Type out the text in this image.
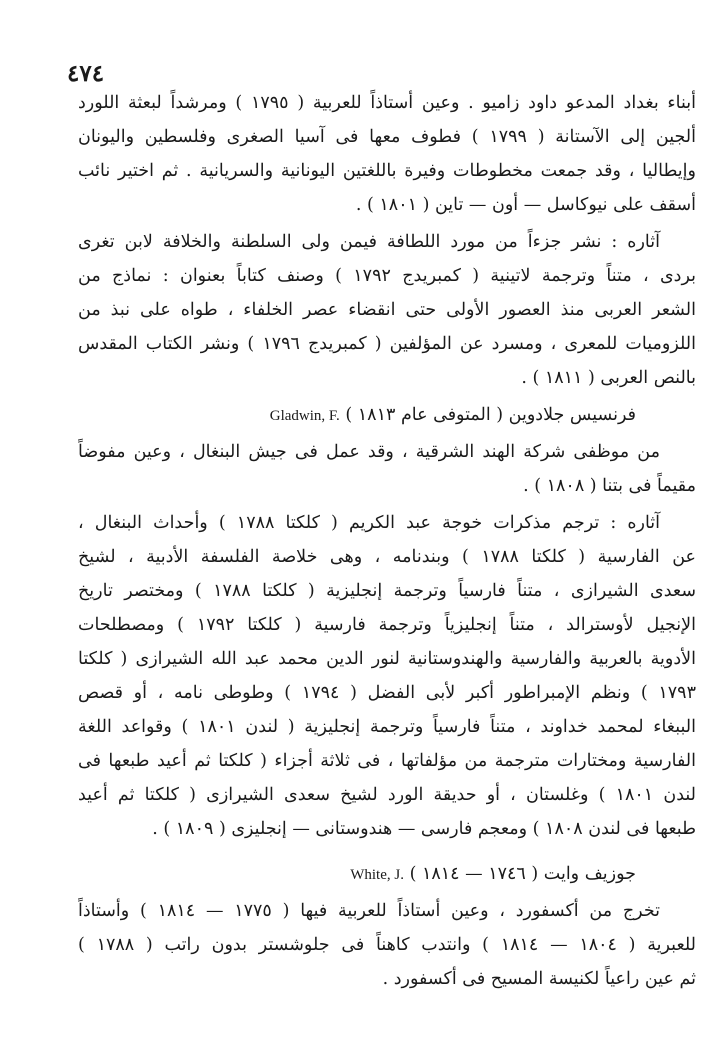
٤٧٤
أبناء بغداد المدعو داود زاميو . وعين أستاذاً للعربية ( ١٧٩٥ ) ومرشداً لبعثة اللورد
ألجين إلى الآستانة ( ١٧٩٩ ) فطوف معها فى آسيا الصغرى وفلسطين واليونان
وإيطاليا ، وقد جمعت مخطوطات وفيرة باللغتين اليونانية والسريانية . ثم اختير نائب
أسقف على نيوكاسل — أون — تاين ( ١٨٠١ ) .
آثاره : نشر جزءاً من مورد اللطافة فيمن ولى السلطنة والخلافة لابن تغرى
بردى ، متناً وترجمة لاتينية ( كمبريدج ١٧٩٢ ) وصنف كتاباً بعنوان : نماذج من
الشعر العربى منذ العصور الأولى حتى انقضاء عصر الخلفاء ، طواه على نبذ من
اللزوميات للمعرى ، ومسرد عن المؤلفين ( كمبريدج ١٧٩٦ ) ونشر الكتاب المقدس
بالنص العربى ( ١٨١١ ) .
فرنسيس جلادوين ( المتوفى عام ١٨١٣ ) Gladwin, F.
من موظفى شركة الهند الشرقية ، وقد عمل فى جيش البنغال ، وعين مفوضاً
مقيماً فى بتنا ( ١٨٠٨ ) .
آثاره : ترجم مذكرات خوجة عبد الكريم ( كلكتا ١٧٨٨ ) وأحداث البنغال ،
عن الفارسية ( كلكتا ١٧٨٨ ) وبندنامه ، وهى خلاصة الفلسفة الأدبية ، لشيخ
سعدى الشيرازى ، متناً فارسياً وترجمة إنجليزية ( كلكتا ١٧٨٨ ) ومختصر تاريخ
الإنجيل لأوسترالد ، متناً إنجليزياً وترجمة فارسية ( كلكتا ١٧٩٢ ) ومصطلحات
الأدوية بالعربية والفارسية والهندوستانية لنور الدين محمد عبد الله الشيرازى ( كلكتا
١٧٩٣ ) ونظم الإمبراطور أكبر لأبى الفضل ( ١٧٩٤ ) وطوطى نامه ، أو قصص
الببغاء لمحمد خداوند ، متناً فارسياً وترجمة إنجليزية ( لندن ١٨٠١ ) وقواعد اللغة
الفارسية ومختارات مترجمة من مؤلفاتها ، فى ثلاثة أجزاء ( كلكتا ثم أعيد طبعها فى
لندن ١٨٠١ ) وغلستان ، أو حديقة الورد لشيخ سعدى الشيرازى ( كلكتا ثم أعيد
طبعها فى لندن ١٨٠٨ ) ومعجم فارسى — هندوستانى — إنجليزى ( ١٨٠٩ ) .
جوزيف وايت ( ١٧٤٦ — ١٨١٤ ) White, J.
تخرج من أكسفورد ، وعين أستاذاً للعربية فيها ( ١٧٧٥ — ١٨١٤ ) وأستاذاً
للعبرية ( ١٨٠٤ — ١٨١٤ ) وانتدب كاهناً فى جلوشستر بدون راتب ( ١٧٨٨ )
ثم عين راعياً لكنيسة المسيح فى أكسفورد .
